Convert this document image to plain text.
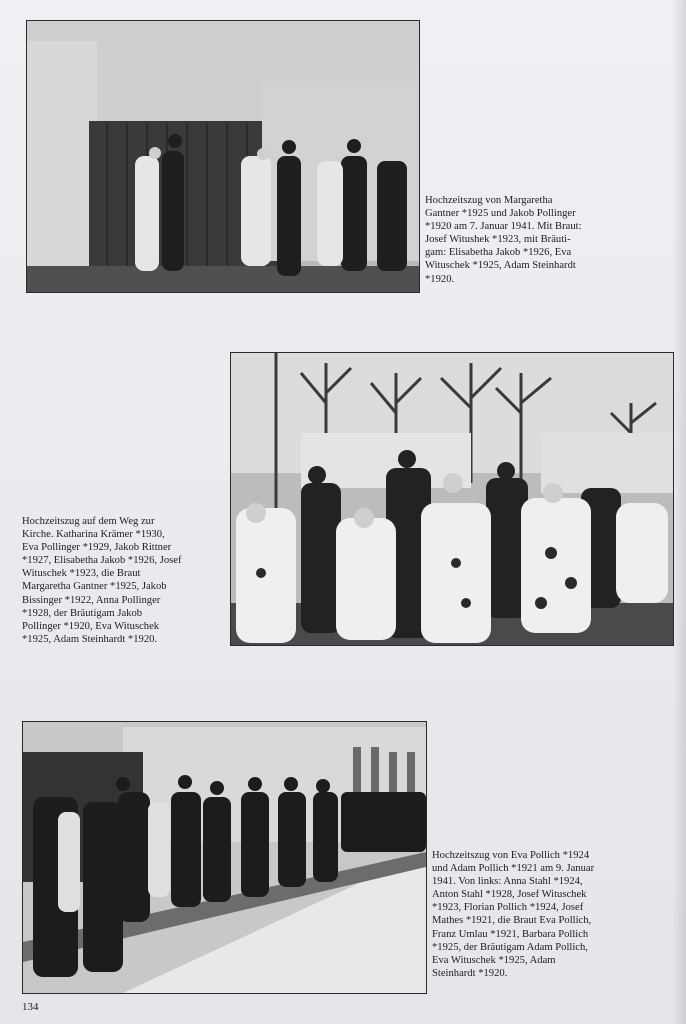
Hochzeitszug von Margaretha
Gantner *1925 und Jakob Pollinger
*1920 am 7. Januar 1941. Mit Braut:
Josef Witushek *1923, mit Bräuti-
gam: Elisabetha Jakob *1926, Eva
Wituschek *1925, Adam Steinhardt
*1920.
Hochzeitszug auf dem Weg zur
Kirche. Katharina Krämer *1930,
Eva Pollinger *1929, Jakob Rittner
*1927, Elisabetha Jakob *1926, Josef
Wituschek *1923, die Braut
Margaretha Gantner *1925, Jakob
Bissinger *1922, Anna Pollinger
*1928, der Bräutigam Jakob
Pollinger *1920, Eva Wituschek
*1925, Adam Steinhardt *1920.
Hochzeitszug von Eva Pollich *1924
und Adam Pollich *1921 am 9. Januar
1941. Von links: Anna Stahl *1924,
Anton Stahl *1928, Josef Wituschek
*1923, Florian Pollich *1924, Josef
Mathes *1921, die Braut Eva Pollich,
Franz Umlau *1921, Barbara Pollich
*1925, der Bräutigam Adam Pollich,
Eva Wituschek *1925, Adam
Steinhardt *1920.
134
